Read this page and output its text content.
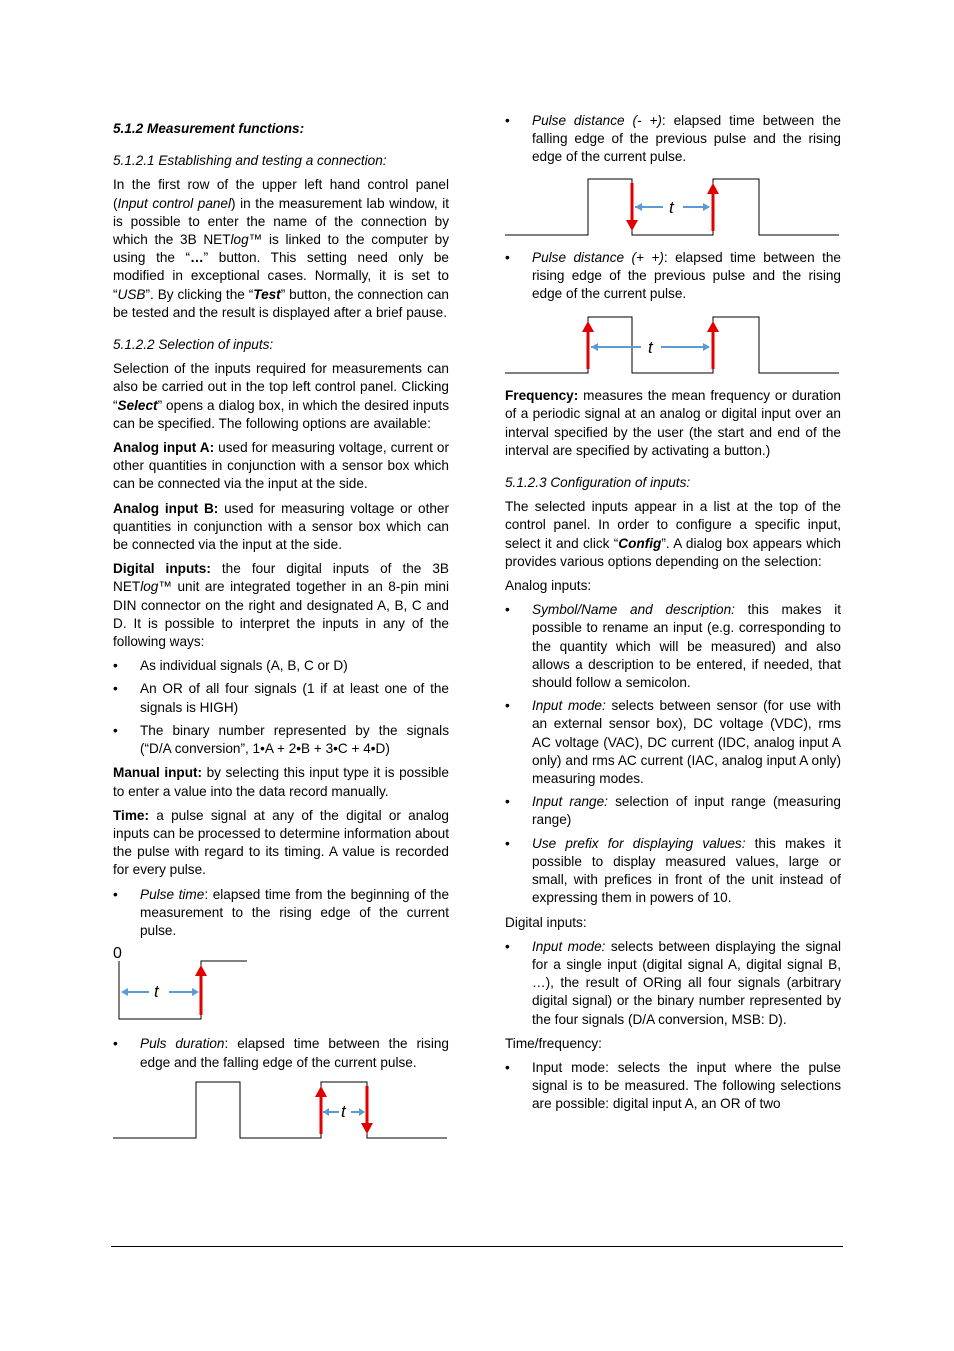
5.1.2 Measurement functions:

5.1.2.1 Establishing and testing a connection:

In the first row of the upper left hand control panel (Input control panel) in the measurement lab window, it is possible to enter the name of the connection by which the 3B NETlog™ is linked to the computer by using the “…” button. This setting need only be modified in exceptional cases. Normally, it is set to “USB”. By clicking the “Test” button, the connection can be tested and the result is displayed after a brief pause.

5.1.2.2 Selection of inputs:

Selection of the inputs required for measurements can also be carried out in the top left control panel. Clicking “Select” opens a dialog box, in which the desired inputs can be specified. The following options are available:

Analog input A: used for measuring voltage, current or other quantities in conjunction with a sensor box which can be connected via the input at the side.

Analog input B: used for measuring voltage or other quantities in conjunction with a sensor box which can be connected via the input at the side.

Digital inputs: the four digital inputs of the 3B NETlog™ unit are integrated together in an 8-pin mini DIN connector on the right and designated A, B, C and D. It is possible to interpret the inputs in any of the following ways:

• As individual signals (A, B, C or D)
• An OR of all four signals (1 if at least one of the signals is HIGH)
• The binary number represented by the signals (“D/A conversion”, 1•A + 2•B + 3•C + 4•D)

Manual input: by selecting this input type it is possible to enter a value into the data record manually.

Time: a pulse signal at any of the digital or analog inputs can be processed to determine information about the pulse with regard to its timing. A value is recorded for every pulse.

• Pulse time: elapsed time from the beginning of the measurement to the rising edge of the current pulse.

0

t
• Puls duration: elapsed time between the rising edge and the falling edge of the current pulse.
t
• Pulse distance (- +): elapsed time between the falling edge of the previous pulse and the rising edge of the current pulse.
t
• Pulse distance (+ +): elapsed time between the rising edge of the previous pulse and the rising edge of the current pulse.
t

Frequency: measures the mean frequency or duration of a periodic signal at an analog or digital input over an interval specified by the user (the start and end of the interval are specified by activating a button.)

5.1.2.3 Configuration of inputs:

The selected inputs appear in a list at the top of the control panel. In order to configure a specific input, select it and click “Config”. A dialog box appears which provides various options depending on the selection:

Analog inputs:

• Symbol/Name and description: this makes it possible to rename an input (e.g. corresponding to the quantity which will be measured) and also allows a description to be entered, if needed, that should follow a semicolon.
• Input mode: selects between sensor (for use with an external sensor box), DC voltage (VDC), rms AC voltage (VAC), DC current (IDC, analog input A only) and rms AC current (IAC, analog input A only) measuring modes.
• Input range: selection of input range (measuring range)
• Use prefix for displaying values: this makes it possible to display measured values, large or small, with prefices in front of the unit instead of expressing them in powers of 10.

Digital inputs:

• Input mode: selects between displaying the signal for a single input (digital signal A, digital signal B, …), the result of ORing all four signals (arbitrary digital signal) or the binary number represented by the four signals (D/A conversion, MSB: D).

Time/frequency:

• Input mode: selects the input where the pulse signal is to be measured. The following selections are possible: digital input A, an OR of two
